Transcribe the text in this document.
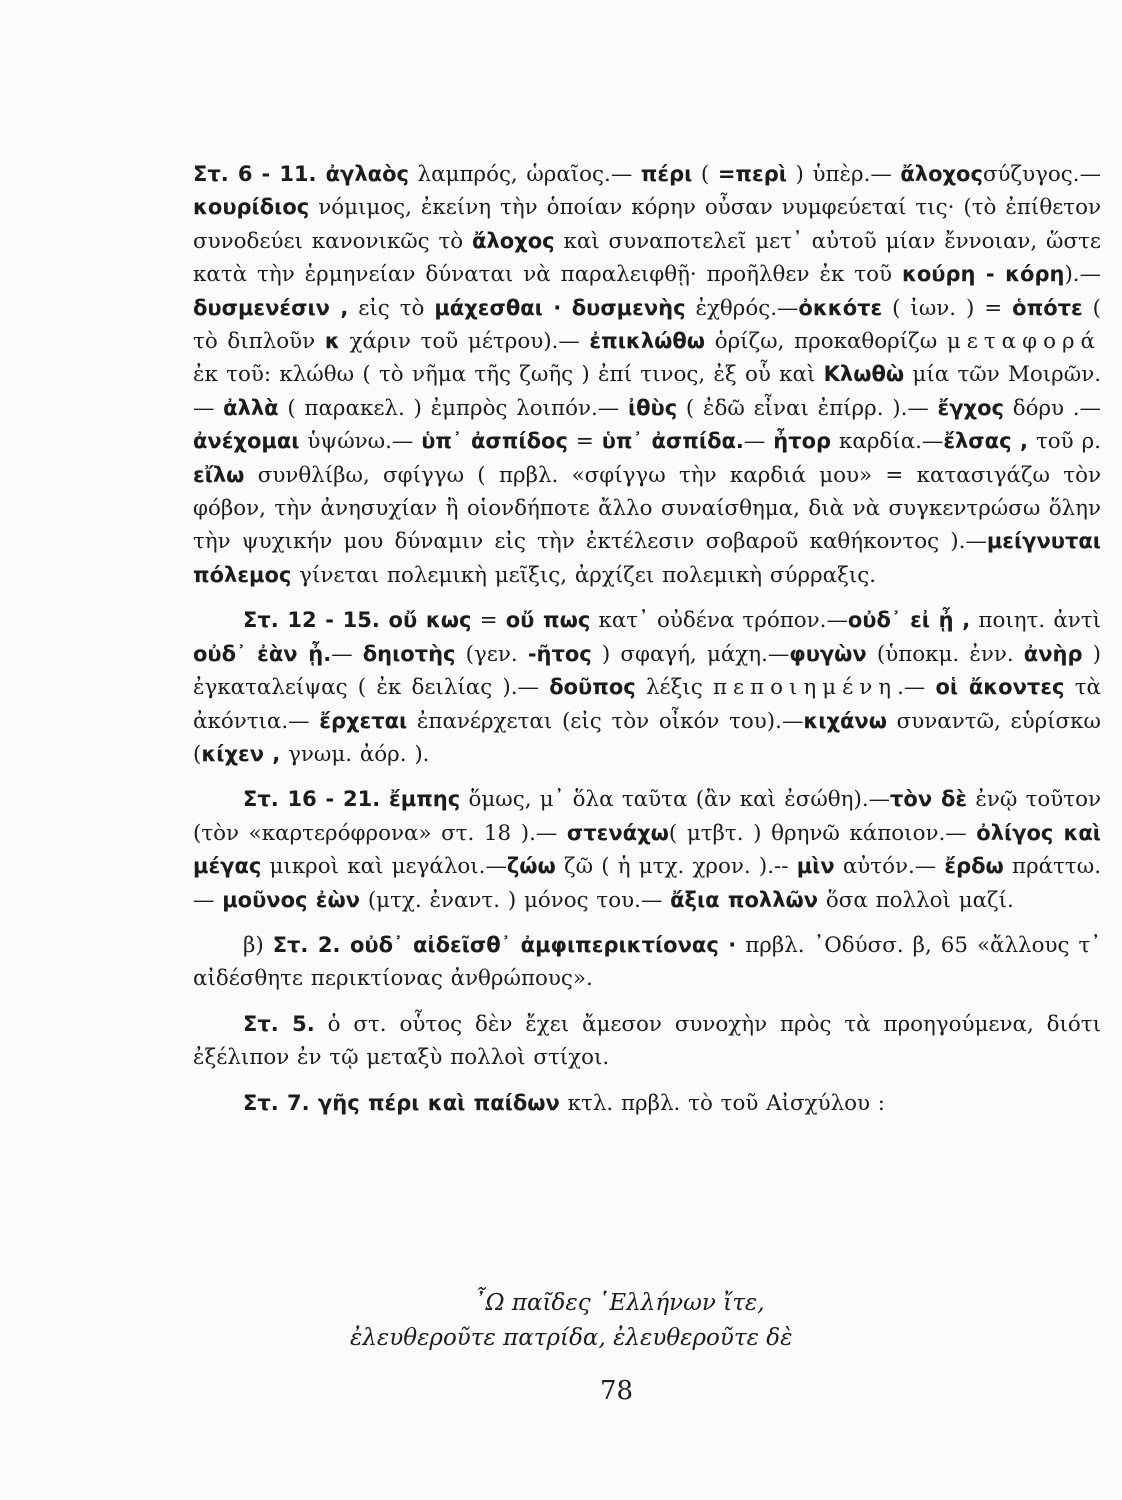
Στ. 6 - 11. ἀγλαὸς λαμπρός, ὡραῖος.— πέρι ( =περὶ ) ὑπὲρ.— ἄλοχοςσύζυγος.—κουρίδιος νόμιμος, ἐκείνη τὴν ὁποίαν κόρην οὖσαν νυμφεύεταί τις· (τὸ ἐπίθετον συνοδεύει κανονικῶς τὸ ἄλοχος καὶ συναποτελεῖ μετ᾽ αὐτοῦ μίαν ἔννοιαν, ὥστε κατὰ τὴν ἑρμηνείαν δύναται νὰ παραλειφθῇ· προῆλθεν ἐκ τοῦ κούρη - κόρη).— δυσμενέσιν , εἰς τὸ μάχεσθαι · δυσμενὴς ἐχθρός.—ὀκκότε ( ἰων. ) = ὁπότε ( τὸ διπλοῦν κ χάριν τοῦ μέτρου).— ἐπικλώθω ὁρίζω, προκαθορίζω μεταφορά ἐκ τοῦ: κλώθω ( τὸ νῆμα τῆς ζωῆς ) ἐπί τινος, ἐξ οὗ καὶ Κλωθὼ μία τῶν Μοιρῶν.— ἀλλὰ ( παρακελ. ) ἐμπρὸς λοιπόν.— ἰθὺς ( ἐδῶ εἶναι ἐπίρρ. ).— ἔγχος δόρυ .— ἀνέχομαι ὑψώνω.— ὑπ᾽ ἀσπίδος = ὑπ᾽ ἀσπίδα.— ἦτορ καρδία.—ἔλσας , τοῦ ρ. εἴλω συνθλίβω, σφίγγω ( πρβλ. «σφίγγω τὴν καρδιά μου» = κατασιγάζω τὸν φόβον, τὴν ἀνησυχίαν ἢ οἱονδήποτε ἄλλο συναίσθημα, διὰ νὰ συγκεντρώσω ὅλην τὴν ψυχικήν μου δύναμιν εἰς τὴν ἐκτέλεσιν σοβαροῦ καθήκοντος ).—μείγνυται πόλεμος γίνεται πολεμικὴ μεῖξις, ἀρχίζει πολεμικὴ σύρραξις.

Στ. 12 - 15. οὔ κως = οὔ πως κατ᾽ οὐδένα τρόπον.—οὐδ᾽ εἰ ᾖ , ποιητ. ἀντὶ οὐδ᾽ ἐὰν ᾖ.— δηιοτὴς (γεν. -ῆτος ) σφαγή, μάχη.—φυγὼν (ὑποκμ. ἐνν. ἀνὴρ ) ἐγκαταλείψας ( ἐκ δειλίας ).— δοῦπος λέξις πεποιημένη.— οἱ ἄκοντες τὰ ἀκόντια.— ἔρχεται ἐπανέρχεται (εἰς τὸν οἶκόν του).—κιχάνω συναντῶ, εὑρίσκω (κίχεν , γνωμ. ἀόρ. ).

Στ. 16 - 21. ἔμπης ὅμως, μ᾽ ὅλα ταῦτα (ἂν καὶ ἐσώθη).—τὸν δὲ ἐνῷ τοῦτον (τὸν «καρτερόφρονα» στ. 18 ).— στενάχω( μτβτ. ) θρηνῶ κάποιον.— ὀλίγος καὶ μέγας μικροὶ καὶ μεγάλοι.—ζώω ζῶ ( ἡ μτχ. χρον. ).-- μὶν αὐτόν.— ἔρδω πράττω.— μοῦνος ἐὼν (μτχ. ἐναντ. ) μόνος του.— ἄξια πολλῶν ὅσα πολλοὶ μαζί.

β) Στ. 2. οὐδ᾽ αἰδεῖσθ᾽ ἀμφιπερικτίονας · πρβλ. ᾿Οδύσσ. β, 65 «ἄλλους τ᾽ αἰδέσθητε περικτίονας ἀνθρώπους».

Στ. 5. ὁ στ. οὗτος δὲν ἔχει ἄμεσον συνοχὴν πρὸς τὰ προηγούμενα, διότι ἐξέλιπον ἐν τῷ μεταξὺ πολλοὶ στίχοι.

Στ. 7. γῆς πέρι καὶ παίδων κτλ. πρβλ. τὸ τοῦ Αἰσχύλου :

῏Ω παῖδες ῾Ελλήνων ἴτε,

ἐλευθεροῦτε πατρίδα, ἐλευθεροῦτε δὲ

78
